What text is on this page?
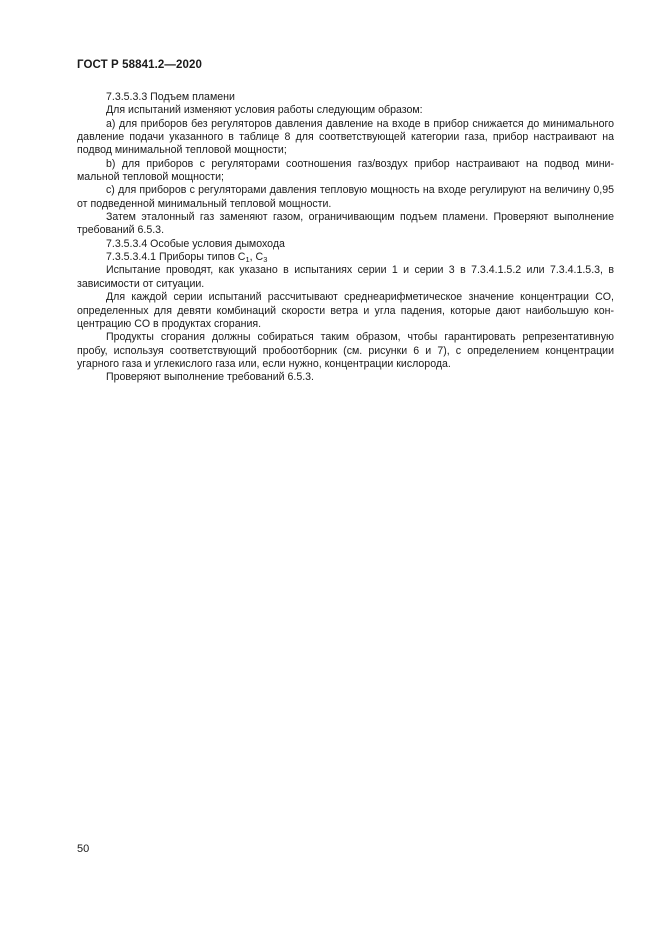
ГОСТ Р 58841.2—2020

7.3.5.3.3 Подъем пламени

Для испытаний изменяют условия работы следующим образом:

а) для приборов без регуляторов давления давление на входе в прибор снижается до минимального давление подачи указанного в таблице 8 для соответствующей категории газа, прибор настраивают на подвод минимальной тепловой мощности;

b) для приборов с регуляторами соотношения газ/воздух прибор настраивают на подвод минимальной тепловой мощности;

c) для приборов с регуляторами давления тепловую мощность на входе регулируют на величину 0,95 от подведенной минимальный тепловой мощности.

Затем эталонный газ заменяют газом, ограничивающим подъем пламени. Проверяют выполнение требований 6.5.3.

7.3.5.3.4 Особые условия дымохода

7.3.5.3.4.1 Приборы типов $C_1$, $C_3$

Испытание проводят, как указано в испытаниях серии 1 и серии 3 в 7.3.4.1.5.2 или 7.3.4.1.5.3, в зависимости от ситуации.

Для каждой серии испытаний рассчитывают среднеарифметическое значение концентрации CO, определенных для девяти комбинаций скорости ветра и угла падения, которые дают наибольшую концентрацию CO в продуктах сгорания.

Продукты сгорания должны собираться таким образом, чтобы гарантировать репрезентативную пробу, используя соответствующий пробоотборник (см. рисунки 6 и 7), с определением концентрации угарного газа и углекислого газа или, если нужно, концентрации кислорода.

Проверяют выполнение требований 6.5.3.

50
